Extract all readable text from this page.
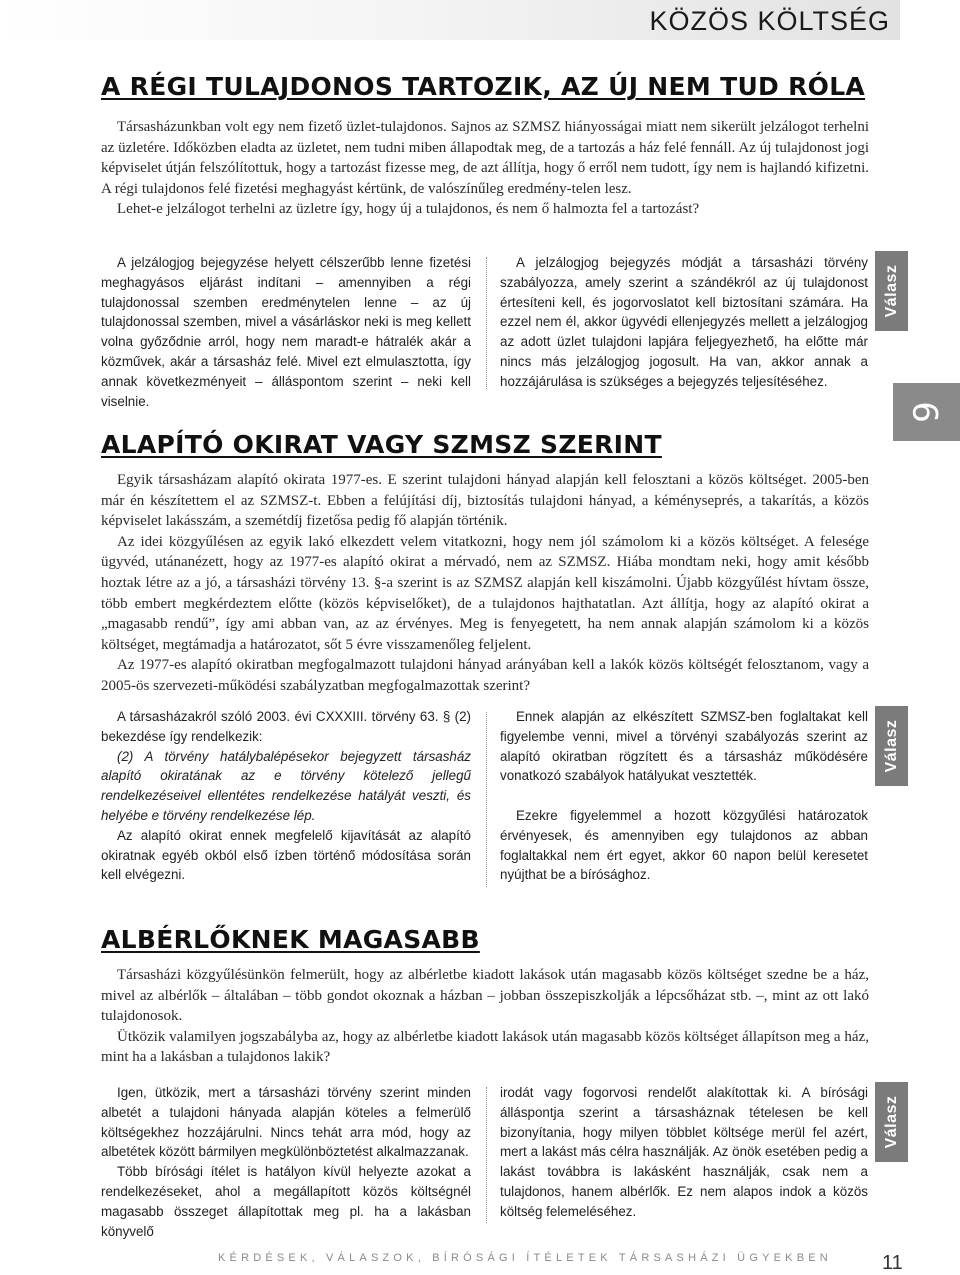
KÖZÖS KÖLTSÉG
A RÉGI TULAJDONOS TARTOZIK, AZ ÚJ NEM TUD RÓLA

Társasházunkban volt egy nem fizető üzlet-tulajdonos. Sajnos az SZMSZ hiányosságai miatt nem sikerült jelzálogot terhelni az üzletére. Időközben eladta az üzletet, nem tudni miben állapodtak meg, de a tartozás a ház felé fennáll. Az új tulajdonost jogi képviselet útján felszólítottuk, hogy a tartozást fizesse meg, de azt állítja, hogy ő erről nem tudott, így nem is hajlandó kifizetni. A régi tulajdonos felé fizetési meghagyást kértünk, de valószínűleg eredmény-telen lesz.

Lehet-e jelzálogot terhelni az üzletre így, hogy új a tulajdonos, és nem ő halmozta fel a tartozást?

A jelzálogjog bejegyzése helyett célszerűbb lenne fizetési meghagyásos eljárást indítani – amennyiben a régi tulajdonossal szemben eredménytelen lenne – az új tulajdonossal szemben, mivel a vásárláskor neki is meg kellett volna győződnie arról, hogy nem maradt-e hátralék akár a közművek, akár a társasház felé. Mivel ezt elmulasztotta, így annak következményeit – álláspontom szerint – neki kell viselnie.

A jelzálogjog bejegyzés módját a társasházi törvény szabályozza, amely szerint a szándékról az új tulajdonost értesíteni kell, és jogorvoslatot kell biztosítani számára. Ha ezzel nem él, akkor ügyvédi ellenjegyzés mellett a jelzálogjog az adott üzlet tulajdoni lapjára feljegyezhető, ha előtte már nincs más jelzálogjog jogosult. Ha van, akkor annak a hozzájárulása is szükséges a bejegyzés teljesítéséhez.

Válasz
9
ALAPÍTÓ OKIRAT VAGY SZMSZ SZERINT

Egyik társasházam alapító okirata 1977-es. E szerint tulajdoni hányad alapján kell felosztani a közös költséget. 2005-ben már én készítettem el az SZMSZ-t. Ebben a felújítási díj, biztosítás tulajdoni hányad, a kéményseprés, a takarítás, a közös képviselet lakásszám, a szemétdíj fizetősa pedig fő alapján történik.

Az idei közgyűlésen az egyik lakó elkezdett velem vitatkozni, hogy nem jól számolom ki a közös költséget. A felesége ügyvéd, utánanézett, hogy az 1977-es alapító okirat a mérvadó, nem az SZMSZ. Hiába mondtam neki, hogy amit később hoztak létre az a jó, a társasházi törvény 13. §-a szerint is az SZMSZ alapján kell kiszámolni. Újabb közgyűlést hívtam össze, több embert megkérdeztem előtte (közös képviselőket), de a tulajdonos hajthatatlan. Azt állítja, hogy az alapító okirat a „magasabb rendű”, így ami abban van, az az érvényes. Meg is fenyegetett, ha nem annak alapján számolom ki a közös költséget, megtámadja a határozatot, sőt 5 évre visszamenőleg feljelent.

Az 1977-es alapító okiratban megfogalmazott tulajdoni hányad arányában kell a lakók közös költségét felosztanom, vagy a 2005-ös szervezeti-működési szabályzatban megfogalmazottak szerint?

A társasházakról szóló 2003. évi CXXXIII. törvény 63. § (2) bekezdése így rendelkezik:

(2) A törvény hatálybalépésekor bejegyzett társasház alapító okiratának az e törvény kötelező jellegű rendelkezéseivel ellentétes rendelkezése hatályát veszti, és helyébe e törvény rendelkezése lép.

Az alapító okirat ennek megfelelő kijavítását az alapító okiratnak egyéb okból első ízben történő módosítása során kell elvégezni.

Ennek alapján az elkészített SZMSZ-ben foglaltakat kell figyelembe venni, mivel a törvényi szabályozás szerint az alapító okiratban rögzített és a társasház működésére vonatkozó szabályok hatályukat vesztették.

Ezekre figyelemmel a hozott közgyűlési határozatok érvényesek, és amennyiben egy tulajdonos az abban foglaltakkal nem ért egyet, akkor 60 napon belül keresetet nyújthat be a bírósághoz.

Válasz
ALBÉRLŐKNEK MAGASABB

Társasházi közgyűlésünkön felmerült, hogy az albérletbe kiadott lakások után magasabb közös költséget szedne be a ház, mivel az albérlők – általában – több gondot okoznak a házban – jobban összepiszkolják a lépcsőházat stb. –, mint az ott lakó tulajdonosok.

Ütközik valamilyen jogszabályba az, hogy az albérletbe kiadott lakások után magasabb közös költséget állapítson meg a ház, mint ha a lakásban a tulajdonos lakik?

Igen, ütközik, mert a társasházi törvény szerint minden albetét a tulajdoni hányada alapján köteles a felmerülő költségekhez hozzájárulni. Nincs tehát arra mód, hogy az albetétek között bármilyen megkülönböztetést alkalmazzanak.

Több bírósági ítélet is hatályon kívül helyezte azokat a rendelkezéseket, ahol a megállapított közös költségnél magasabb összeget állapítottak meg pl. ha a lakásban könyvelő

irodát vagy fogorvosi rendelőt alakítottak ki. A bírósági álláspontja szerint a társasháznak tételesen be kell bizonyítania, hogy milyen többlet költsége merül fel azért, mert a lakást más célra használják. Az önök esetében pedig a lakást továbbra is lakásként használják, csak nem a tulajdonos, hanem albérlők. Ez nem alapos indok a közös költség felemeléséhez.

Válasz
KÉRDÉSEK, VÁLASZOK, BÍRÓSÁGI ÍTÉLETEK TÁRSASHÁZI ÜGYEKBEN	11
